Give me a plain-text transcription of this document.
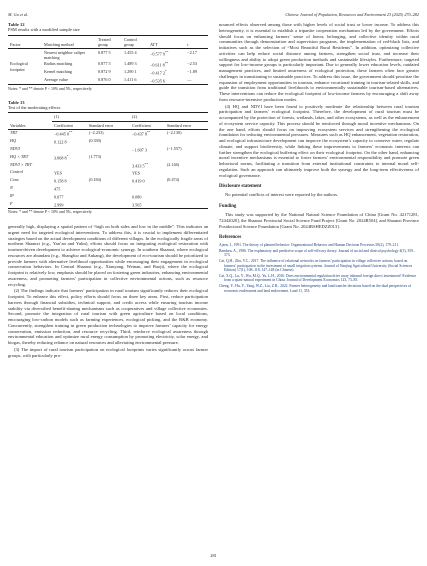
M. Gu et al.	Chinese Journal of Population, Resources and Environment 23 (2025) 270–282
Table 12
PSM results with a modified sample size
Factor	Matching method	Treated group	Control group	ATT	t
Ecological footprint	Nearest neighbor caliper matching	0.877 5	1.455 4	−0.577 9**	−2.17
	Radius matching	0.877 5	1.489 3	−0.611 8**	−2.53
	Kernel matching	0.872 9	1.290 1	−0.417 2*	−1.89
	Average value	0.876 0	1.411 6	−0.535 6	—
Notes: * and ** denote P < 10% and 5%, respectively.
Table 13
Test of the moderating effects
	(1)		(2)	
Variables	Coefficient	Standard error	Coefficient	Standard error
TRT	−0.445 0**	(−2.233)	−0.437 8**	(−2.130)
HQ	0.122 8	(0.330)		
NDVI			−1.607 3	(−1.557)
HQ × TRT	3.068 8*	(1.773)		
NDVI × TRT			3.433 5**	(2.146)
Control	YES		YES	
Cons	0.158 8	(0.184)	0.419 0	(0.474)
N	475			
R²	0.077		0.080	
F	2.999		3.565	
Notes: * and ** denote P < 10% and 5%, respectively.

generally high, displaying a spatial pattern of “high on both sides and low in the middle”. This indicates an urgent need for targeted ecological interventions. To address this, it is crucial to implement differentiated strategies based on the actual development conditions of different villages. In the ecologically fragile areas of northern Shaanxi (e.g., Yan’an and Yulin), efforts should focus on integrating ecological restoration with tourism-driven development to achieve ecological-economic synergy. In southern Shaanxi, where ecological resources are abundant (e.g., Shangluo and Ankang), the development of eco-tourism should be prioritized to provide farmers with alternative livelihood opportunities while encouraging their engagement in ecological conservation behaviors. In Central Shaanxi (e.g., Xianyang, Weinan, and Baoji), where the ecological footprint is relatively low, emphasis should be placed on fostering green industries, enhancing environmental awareness, and promoting farmers’ participation in collective environmental actions, such as resource recycling.

(2) The findings indicate that farmers’ participation in rural tourism significantly reduces their ecological footprint. To enhance this effect, policy efforts should focus on three key areas. First, reduce participation barriers through financial subsidies, technical support, and credit access while ensuring tourism income stability via diversified benefit-sharing mechanisms such as cooperatives and village collective economies. Second, promote the integration of rural tourism with green agriculture based on local conditions, encouraging low-carbon models such as farming experiences, ecological picking, and the B&B economy. Concurrently, strengthen training in green production technologies to improve farmers’ capacity for energy conservation, emission reduction, and resource recycling. Third, reinforce ecological awareness through environmental education and optimize rural energy consumption by promoting electricity, solar energy, and biogas, thereby reducing reliance on natural resources and alleviating environmental pressure.

(3) The impact of rural tourism participation on ecological footprints varies significantly across farmer groups, with particularly pro-

nounced effects observed among those with higher levels of social trust or lower income. To address this heterogeneity, it is essential to establish a tripartite cooperation mechanism led by the government. Efforts should focus on enhancing farmers’ sense of honor, belonging, and collective identity within rural communities through demonstration and supervision programs, the implementation of red-black lists, and initiatives such as the selection of “Most Beautiful Rural Residents”. In addition, optimizing collective activities can help reduce social distance among farmers, strengthen social trust, and increase their willingness and ability to adopt green production methods and sustainable lifestyles. Furthermore, targeted support for low-income groups is particularly important. Due to generally lower education levels, outdated management practices, and limited awareness of ecological protection, these farmers often face greater challenges in transitioning to sustainable practices. To address this issue, the government should prioritize the expansion of employment opportunities in tourism, enhance vocational training in tourism-related skills, and guide the transition from traditional livelihoods to environmentally sustainable tourism-based alternatives. These interventions can reduce the ecological footprint of low-income farmers by encouraging a shift away from resource-intensive production modes.

(4) HQ and NDVI have been found to positively moderate the relationship between rural tourism participation and farmers’ ecological footprint. Therefore, the development of rural tourism must be accompanied by the protection of forests, wetlands, lakes, and other ecosystems, as well as the enhancement of ecosystem service capacity. This process should be reinforced through moral incentive mechanisms. On the one hand, efforts should focus on improving ecosystem services and strengthening the ecological foundation for reducing environmental pressures. Measures such as HQ enhancement, vegetation restoration, and ecological infrastructure development can improve the ecosystem’s capacity to conserve water, regulate climate, and support biodiversity, while linking these improvements to farmers’ economic interests can further strengthen the ecological buffering effect on their ecological footprint. On the other hand, enhancing moral incentive mechanisms is essential to foster farmers’ environmental responsibility and promote green behavioral norms, facilitating a transition from external institutional constraints to internal moral self-regulation. Such an approach can ultimately improve both the synergy and the long-term effectiveness of ecological governance.

Disclosure statement

No potential conflicts of interest were reported by the authors.

Funding

This study was supported by the National Natural Science Foundation of China [Grant No. 42171281, 72442020], the Shaanxi Provincial Social Science Fund Project [Grant No. 2024R504], and Shaanxi Province Postdoctoral Science Foundation [Grant No. 2024BSHEDZZ013].

References
Ajzen, I., 1991. The theory of planned behavior. Organizational Behavior and Human Decision Processes 50(2), 179–211.
Bandura, A., 1986. The explanatory and predictive scope of self-efficacy theory. Journal of social and clinical psychology 4(3), 359–373.
Cai, Q.H., Zhu, Y.C., 2017. The influence of relational networks on farmers’ participation in village collective actions: based on farmers’ participation in the investment of small irrigation systems. Journal of Nanjing Agricultural University (Social Sciences Edition) 17(1), 108–118, 147–148 (in Chinese).
Cai, X.Q., Lu, Y., Wu, M.Q., Yu, L.H., 2016. Does environmental regulation drive away inbound foreign direct investment? Evidence from a quasi-natural experiment in China. Journal of Development Economics 123, 73–85.
Cheng, Y., Hu, Y., Yang, W.Z., Liu, Z.R., 2022. Farmer heterogeneity and land transfer decisions based on the dual perspectives of economic endowment and land endowment. Land 11, 353.
281
